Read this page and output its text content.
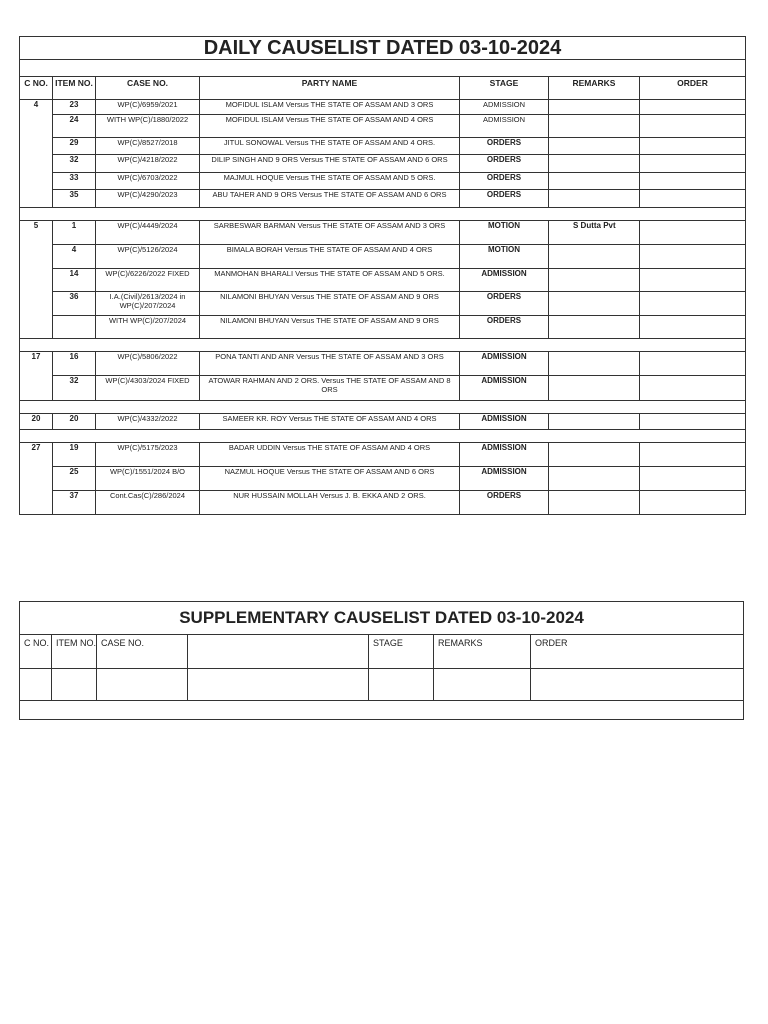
DAILY CAUSELIST DATED 03-10-2024						

C NO.	ITEM NO.	CASE NO.	PARTY NAME	STAGE	REMARKS	ORDER
4	23	WP(C)/6959/2021	MOFIDUL ISLAM Versus THE STATE OF ASSAM AND 3 ORS	ADMISSION		
	24	WITH WP(C)/1880/2022	MOFIDUL ISLAM Versus THE STATE OF ASSAM AND 4 ORS	ADMISSION		
	29	WP(C)/8527/2018	JITUL SONOWAL Versus THE STATE OF ASSAM AND 4 ORS.	ORDERS		
	32	WP(C)/4218/2022	DILIP SINGH AND 9 ORS Versus THE STATE OF ASSAM AND 6 ORS	ORDERS		
	33	WP(C)/6703/2022	MAJMUL HOQUE Versus THE STATE OF ASSAM AND 5 ORS.	ORDERS		
	35	WP(C)/4290/2023	ABU TAHER AND 9 ORS Versus THE STATE OF ASSAM AND 6 ORS	ORDERS		

5	1	WP(C)/4449/2024	SARBESWAR BARMAN Versus THE STATE OF ASSAM AND 3 ORS	MOTION	S Dutta Pvt	
	4	WP(C)/5126/2024	BIMALA BORAH Versus THE STATE OF ASSAM AND 4 ORS	MOTION		
	14	WP(C)/6226/2022 FIXED	MANMOHAN BHARALI Versus THE STATE OF ASSAM AND 5 ORS.	ADMISSION		
	36	I.A.(Civil)/2613/2024 in WP(C)/207/2024	NILAMONI BHUYAN Versus THE STATE OF ASSAM AND 9 ORS	ORDERS		
		WITH WP(C)/207/2024	NILAMONI BHUYAN Versus THE STATE OF ASSAM AND 9 ORS	ORDERS		

17	16	WP(C)/5806/2022	PONA TANTI AND ANR Versus THE STATE OF ASSAM AND 3 ORS	ADMISSION		
	32	WP(C)/4303/2024 FIXED	ATOWAR RAHMAN AND 2 ORS. Versus THE STATE OF ASSAM AND 8 ORS	ADMISSION		

20	20	WP(C)/4332/2022	SAMEER KR. ROY Versus THE STATE OF ASSAM AND 4 ORS	ADMISSION		

27	19	WP(C)/5175/2023	BADAR UDDIN Versus THE STATE OF ASSAM AND 4 ORS	ADMISSION		
	25	WP(C)/1551/2024 B/O	NAZMUL HOQUE Versus THE STATE OF ASSAM AND 6 ORS	ADMISSION		
	37	Cont.Cas(C)/286/2024	NUR HUSSAIN MOLLAH Versus J. B. EKKA AND 2 ORS.	ORDERS		
SUPPLEMENTARY CAUSELIST DATED 03-10-2024						
C NO.	ITEM NO.	CASE NO.		STAGE	REMARKS	ORDER
